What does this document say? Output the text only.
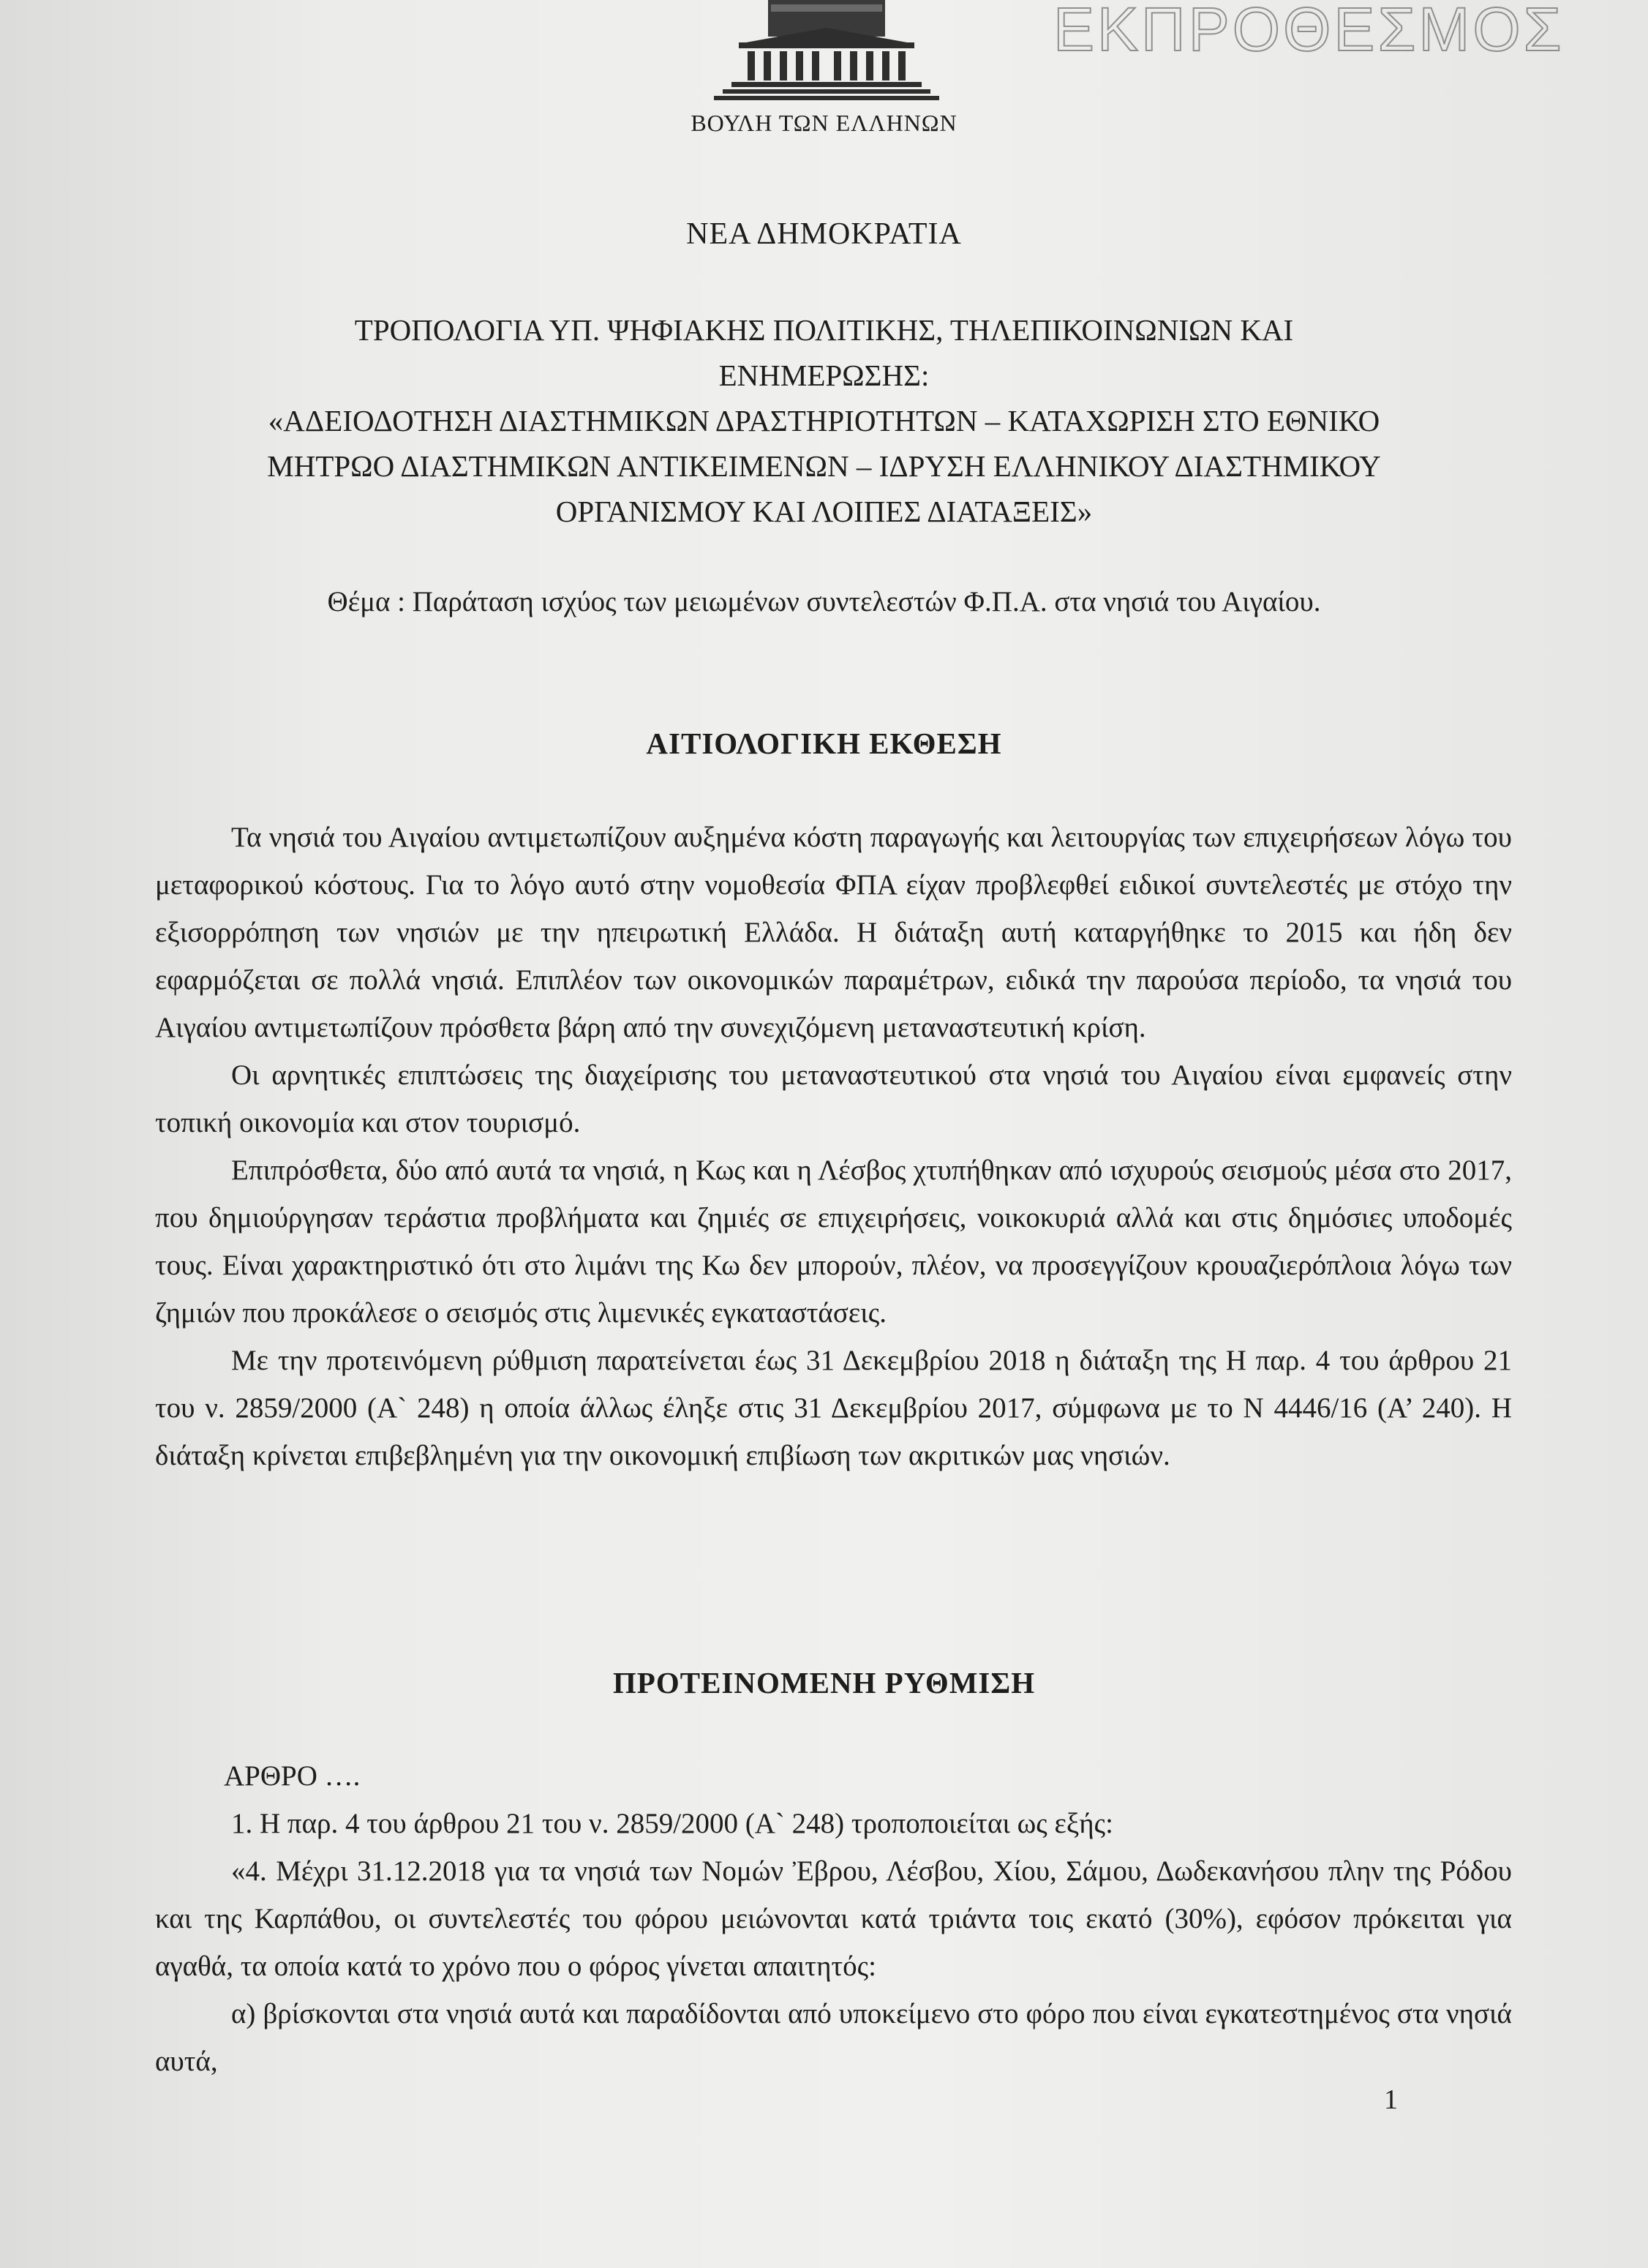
ΕΚΠΡΟΘΕΣΜΟΣ
ΒΟΥΛΗ ΤΩΝ ΕΛΛΗΝΩΝ
ΝΕΑ ΔΗΜΟΚΡΑΤΙΑ
ΤΡΟΠΟΛΟΓΙΑ ΥΠ. ΨΗΦΙΑΚΗΣ ΠΟΛΙΤΙΚΗΣ, ΤΗΛΕΠΙΚΟΙΝΩΝΙΩΝ ΚΑΙ
ΕΝΗΜΕΡΩΣΗΣ:
«ΑΔΕΙΟΔΟΤΗΣΗ ΔΙΑΣΤΗΜΙΚΩΝ ΔΡΑΣΤΗΡΙΟΤΗΤΩΝ – ΚΑΤΑΧΩΡΙΣΗ ΣΤΟ ΕΘΝΙΚΟ
ΜΗΤΡΩΟ ΔΙΑΣΤΗΜΙΚΩΝ ΑΝΤΙΚΕΙΜΕΝΩΝ – ΙΔΡΥΣΗ ΕΛΛΗΝΙΚΟΥ ΔΙΑΣΤΗΜΙΚΟΥ
ΟΡΓΑΝΙΣΜΟΥ ΚΑΙ ΛΟΙΠΕΣ ΔΙΑΤΑΞΕΙΣ»
Θέμα : Παράταση ισχύος των μειωμένων συντελεστών Φ.Π.Α. στα νησιά του Αιγαίου.
ΑΙΤΙΟΛΟΓΙΚΗ ΕΚΘΕΣΗ

Τα νησιά του Αιγαίου αντιμετωπίζουν αυξημένα κόστη παραγωγής και λειτουργίας των επιχειρήσεων λόγω του μεταφορικού κόστους. Για το λόγο αυτό στην νομοθεσία ΦΠΑ είχαν προβλεφθεί ειδικοί συντελεστές με στόχο την εξισορρόπηση των νησιών με την ηπειρωτική Ελλάδα. Η διάταξη αυτή καταργήθηκε το 2015 και ήδη δεν εφαρμόζεται σε πολλά νησιά. Επιπλέον των οικονομικών παραμέτρων, ειδικά την παρούσα περίοδο, τα νησιά του Αιγαίου αντιμετωπίζουν πρόσθετα βάρη από την συνεχιζόμενη μεταναστευτική κρίση.

Οι αρνητικές επιπτώσεις της διαχείρισης του μεταναστευτικού στα νησιά του Αιγαίου είναι εμφανείς στην τοπική οικονομία και στον τουρισμό.

Επιπρόσθετα, δύο από αυτά τα νησιά, η Κως και η Λέσβος χτυπήθηκαν από ισχυρούς σεισμούς μέσα στο 2017, που δημιούργησαν τεράστια προβλήματα και ζημιές σε επιχειρήσεις, νοικοκυριά αλλά και στις δημόσιες υποδομές τους. Είναι χαρακτηριστικό ότι στο λιμάνι της Κω δεν μπορούν, πλέον, να προσεγγίζουν κρουαζιερόπλοια λόγω των ζημιών που προκάλεσε ο σεισμός στις λιμενικές εγκαταστάσεις.

Με την προτεινόμενη ρύθμιση παρατείνεται έως 31 Δεκεμβρίου 2018 η διάταξη της Η παρ. 4 του άρθρου 21 του ν. 2859/2000 (Α` 248) η οποία άλλως έληξε στις 31 Δεκεμβρίου 2017, σύμφωνα με το Ν 4446/16 (Α’ 240). Η διάταξη κρίνεται επιβεβλημένη για την οικονομική επιβίωση των ακριτικών μας νησιών.

ΠΡΟΤΕΙΝΟΜΕΝΗ ΡΥΘΜΙΣΗ

ΑΡΘΡΟ ….

1. Η παρ. 4 του άρθρου 21 του ν. 2859/2000 (Α` 248) τροποποιείται ως εξής:

«4. Μέχρι 31.12.2018 για τα νησιά των Νομών Ἐβρου, Λέσβου, Χίου, Σάμου, Δωδεκανήσου πλην της Ρόδου και της Καρπάθου, οι συντελεστές του φόρου μειώνονται κατά τριάντα τοις εκατό (30%), εφόσον πρόκειται για αγαθά, τα οποία κατά το χρόνο που ο φόρος γίνεται απαιτητός:

α) βρίσκονται στα νησιά αυτά και παραδίδονται από υποκείμενο στο φόρο που είναι εγκατεστημένος στα νησιά αυτά,

1
